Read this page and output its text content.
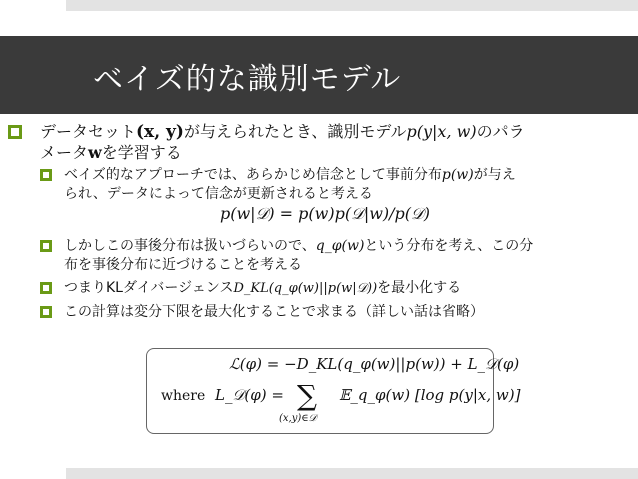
ベイズ的な識別モデル
データセット(x, y)が与えられたとき、識別モデルp(y|x, w)のパラ
メータwを学習する
ベイズ的なアプローチでは、あらかじめ信念として事前分布p(w)が与え
られ、データによって信念が更新されると考える
p(w|𝒟) = p(w)p(𝒟|w)/p(𝒟)
しかしこの事後分布は扱いづらいので、q_φ(w)という分布を考え、この分
布を事後分布に近づけることを考える
つまりKLダイバージェンスD_KL(q_φ(w)||p(w|𝒟))を最小化する
この計算は変分下限を最大化することで求まる（詳しい話は省略）
ℒ(φ) = −D_KL(q_φ(w)||p(w)) + L_𝒟(φ)
where L_𝒟(φ) = ∑
(x,y)∈𝒟
𝔼_q_φ(w) [log p(y|x, w)]
